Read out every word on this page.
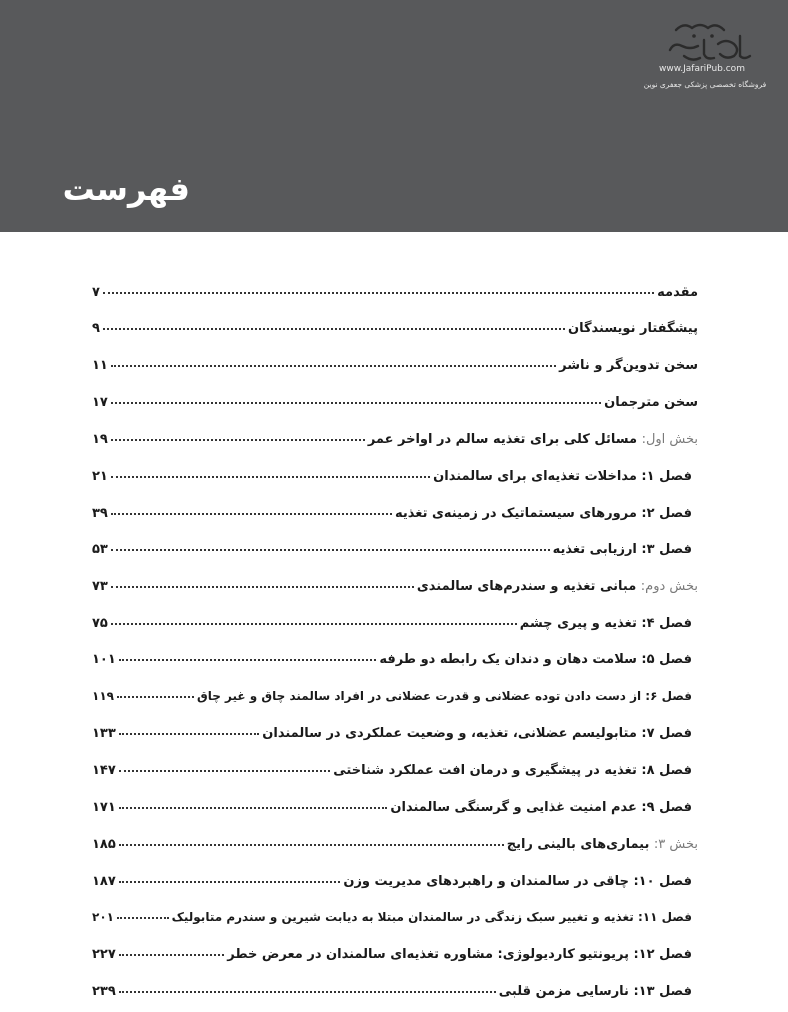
www.JafariPub.com
فروشگاه تخصصی پزشکی جعفری نوین
فهرست
مقدمه
۷
پیشگفتار نویسندگان
۹
سخن تدوین‌گر و ناشر
۱۱
سخن مترجمان
۱۷
بخش اول: مسائل کلی برای تغذیه سالم در اواخر عمر
۱۹
فصل ۱: مداخلات تغذیه‌ای برای سالمندان
۲۱
فصل ۲: مرورهای سیستماتیک در زمینه‌ی تغذیه
۳۹
فصل ۳: ارزیابی تغذیه
۵۳
بخش دوم: مبانی تغذیه و سندرم‌های سالمندی
۷۳
فصل ۴: تغذیه و پیری چشم
۷۵
فصل ۵: سلامت دهان و دندان یک رابطه دو طرفه
۱۰۱
فصل ۶: از دست دادن توده عضلانی و قدرت عضلانی در افراد سالمند چاق و غیر چاق
۱۱۹
فصل ۷: متابولیسم عضلانی، تغذیه، و وضعیت عملکردی در سالمندان
۱۳۳
فصل ۸: تغذیه در پیشگیری و درمان افت عملکرد شناختی
۱۴۷
فصل ۹: عدم امنیت غذایی و گرسنگی سالمندان
۱۷۱
بخش ۳: بیماری‌های بالینی رایج
۱۸۵
فصل ۱۰: چاقی در سالمندان و راهبردهای مدیریت وزن
۱۸۷
فصل ۱۱: تغذیه و تغییر سبک زندگی در سالمندان مبتلا به دیابت شیرین و سندرم متابولیک
۲۰۱
فصل ۱۲: پریونتیو کاردیولوژی: مشاوره تغذیه‌ای سالمندان در معرض خطر
۲۲۷
فصل ۱۳: نارسایی مزمن قلبی
۲۳۹
